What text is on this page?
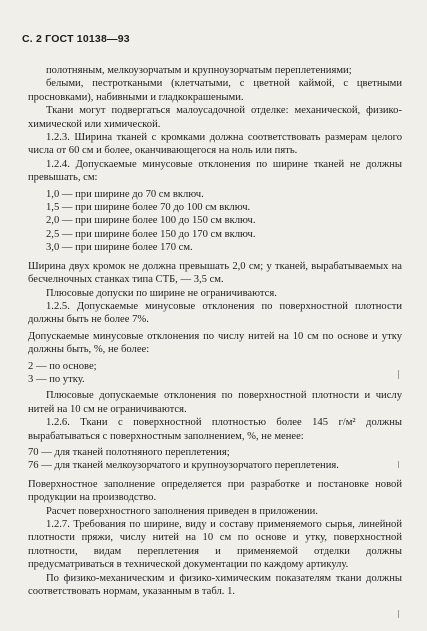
С. 2 ГОСТ 10138—93

полотняным, мелкоузорчатым и крупноузорчатым переплетениями;

белыми, пестроткаными (клетчатыми, с цветной каймой, с цветными просновками), набивными и гладкокрашеными.

Ткани могут подвергаться малоусадочной отделке: механической, физико-химической или химической.

1.2.3. Ширина тканей с кромками должна соответствовать размерам целого числа от 60 см и более, оканчивающегося на ноль или пять.

1.2.4. Допускаемые минусовые отклонения по ширине тканей не должны превышать, см:

1,0 — при ширине до 70 см включ.
1,5 — при ширине более 70 до 100 см включ.
2,0 — при ширине более 100 до 150 см включ.
2,5 — при ширине более 150 до 170 см включ.
3,0 — при ширине более 170 см.

Ширина двух кромок не должна превышать 2,0 см; у тканей, вырабатываемых на бесчелночных станках типа СТБ, — 3,5 см.

Плюсовые допуски по ширине не ограничиваются.

1.2.5. Допускаемые минусовые отклонения по поверхностной плотности должны быть не более 7%.

Допускаемые минусовые отклонения по числу нитей на 10 см по основе и утку должны быть, %, не более:

2 — по основе;
3 — по утку.

Плюсовые допускаемые отклонения по поверхностной плотности и числу нитей на 10 см не ограничиваются.

1.2.6. Ткани с поверхностной плотностью более 145 г/м² должны вырабатываться с поверхностным заполнением, %, не менее:

70 — для тканей полотняного переплетения;
76 — для тканей мелкоузорчатого и крупноузорчатого переплетения.

Поверхностное заполнение определяется при разработке и постановке новой продукции на производство.

Расчет поверхностного заполнения приведен в приложении.

1.2.7. Требования по ширине, виду и составу применяемого сырья, линейной плотности пряжи, числу нитей на 10 см по основе и утку, поверхностной плотности, видам переплетения и применяемой отделки должны предусматриваться в технической документации по каждому артикулу.

По физико-механическим и физико-химическим показателям ткани должны соответствовать нормам, указанным в табл. 1.
